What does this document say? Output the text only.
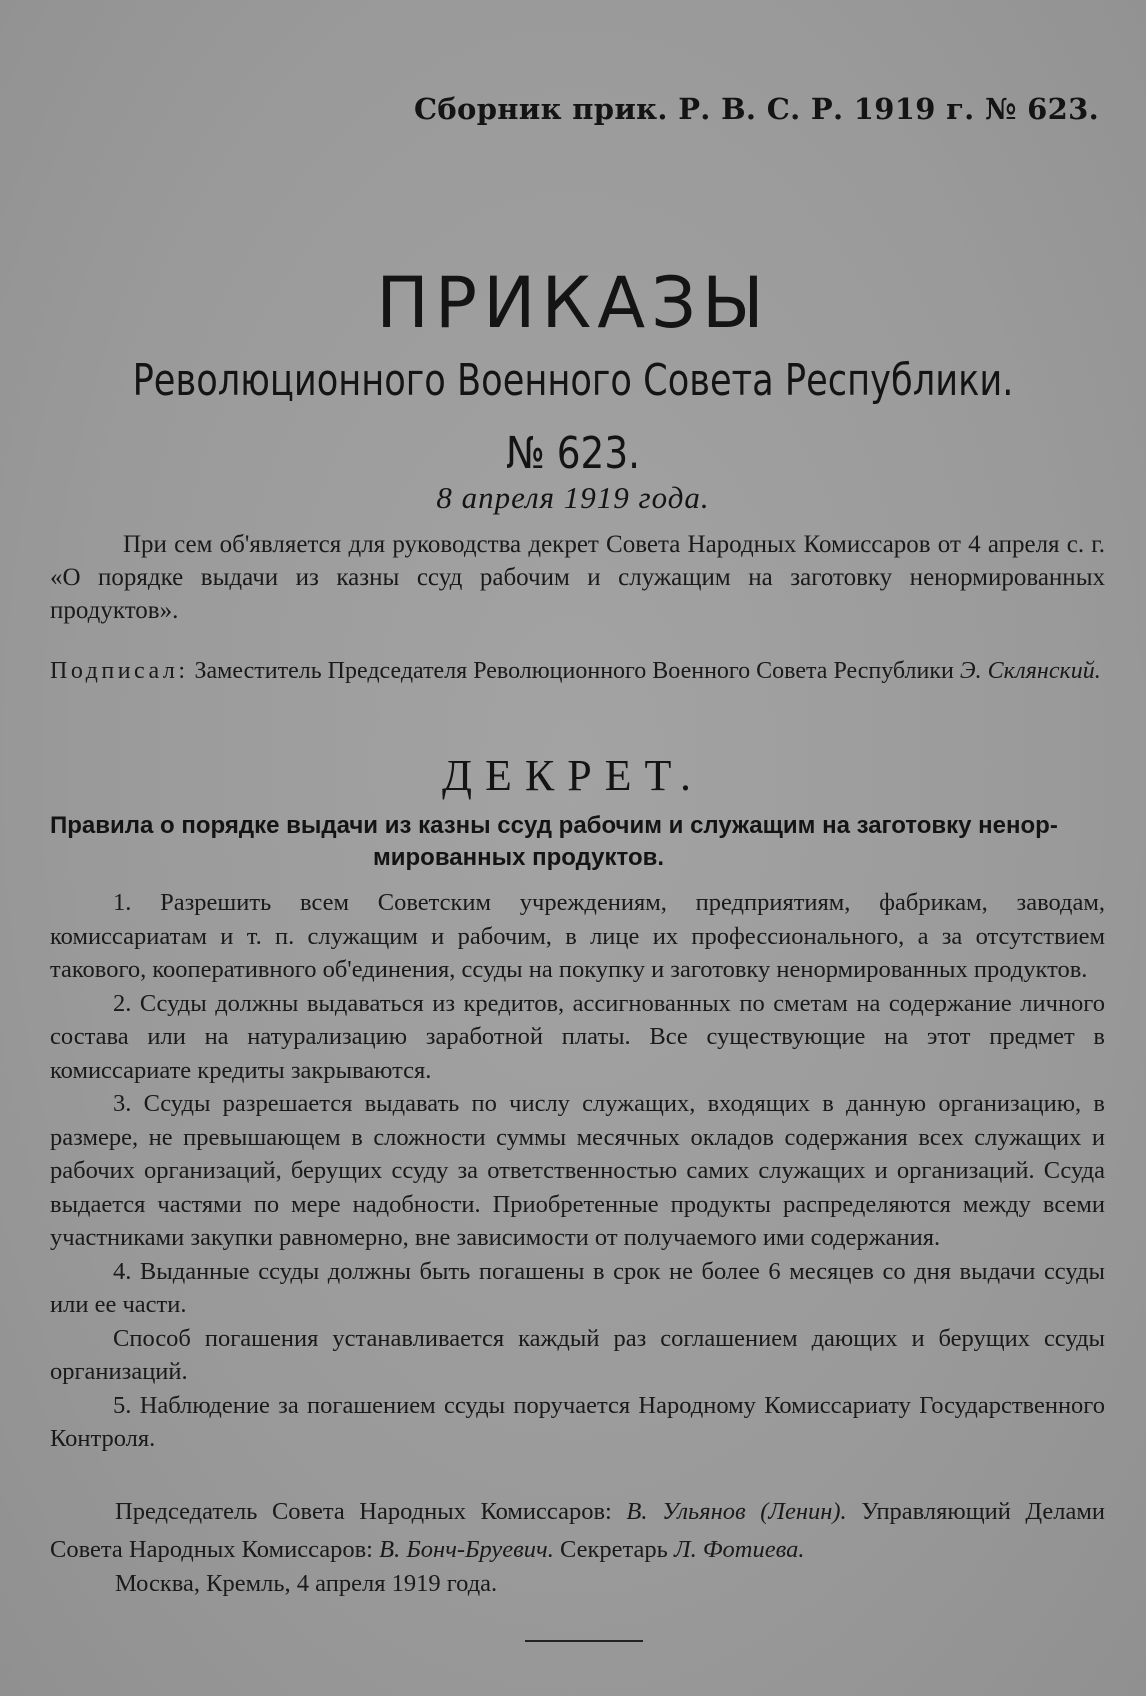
Сборник прик. Р. В. С. Р. 1919 г. № 623.
ПРИКАЗЫ
Революционного Военного Совета Республики.
№ 623.
8 апреля 1919 года.
При сем об'является для руководства декрет Совета Народных Комиссаров от 4 апреля с. г. «О порядке выдачи из казны ссуд рабочим и служащим на заготовку ненормированных продуктов».
Подписал: Заместитель Председателя Революционного Военного Совета Республики Э. Склянский.
ДЕКРЕТ.
Правила о порядке выдачи из казны ссуд рабочим и служащим на заготовку ненор-
мированных продуктов.

1. Разрешить всем Советским учреждениям, предприятиям, фабрикам, заводам, комиссариатам и т. п. служащим и рабочим, в лице их профессионального, а за отсутствием такового, кооперативного об'единения, ссуды на покупку и заготовку ненормированных продуктов.

2. Ссуды должны выдаваться из кредитов, ассигнованных по сметам на содержание личного состава или на натурализацию заработной платы. Все существующие на этот предмет в комиссариате кредиты закрываются.

3. Ссуды разрешается выдавать по числу служащих, входящих в данную организацию, в размере, не превышающем в сложности суммы месячных окладов содержания всех служащих и рабочих организаций, берущих ссуду за ответственностью самих служащих и организаций. Ссуда выдается частями по мере надобности. Приобретенные продукты распределяются между всеми участниками закупки равномерно, вне зависимости от получаемого ими содержания.

4. Выданные ссуды должны быть погашены в срок не более 6 месяцев со дня выдачи ссуды или ее части.

Способ погашения устанавливается каждый раз соглашением дающих и берущих ссуды организаций.

5. Наблюдение за погашением ссуды поручается Народному Комиссариату Государственного Контроля.

Председатель Совета Народных Комиссаров: В. Ульянов (Ленин). Управляющий Делами Совета Народных Комиссаров: В. Бонч-Бруевич. Секретарь Л. Фотиева.

Москва, Кремль, 4 апреля 1919 года.
